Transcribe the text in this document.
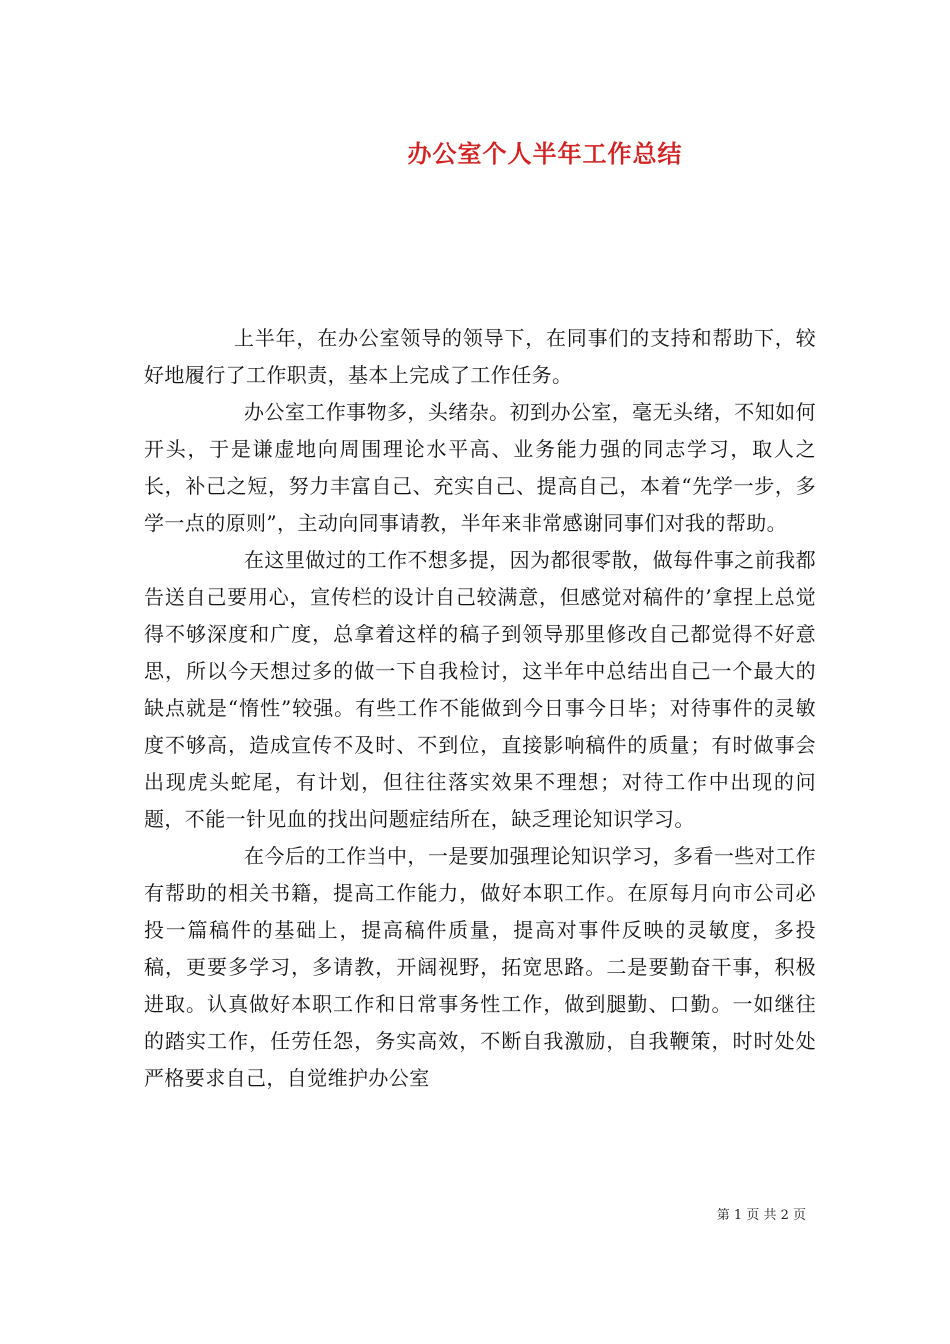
办公室个人半年工作总结

上半年，在办公室领导的领导下，在同事们的支持和帮助下，较好地履行了工作职责，基本上完成了工作任务。

办公室工作事物多，头绪杂。初到办公室，毫无头绪，不知如何开头，于是谦虚地向周围理论水平高、业务能力强的同志学习，取人之长，补己之短，努力丰富自己、充实自己、提高自己，本着“先学一步，多学一点的原则”，主动向同事请教，半年来非常感谢同事们对我的帮助。

在这里做过的工作不想多提，因为都很零散，做每件事之前我都告送自己要用心，宣传栏的设计自己较满意，但感觉对稿件的’拿捏上总觉得不够深度和广度，总拿着这样的稿子到领导那里修改自己都觉得不好意思，所以今天想过多的做一下自我检讨，这半年中总结出自己一个最大的缺点就是“惰性”较强。有些工作不能做到今日事今日毕；对待事件的灵敏度不够高，造成宣传不及时、不到位，直接影响稿件的质量；有时做事会出现虎头蛇尾，有计划，但往往落实效果不理想；对待工作中出现的问题，不能一针见血的找出问题症结所在，缺乏理论知识学习。

在今后的工作当中，一是要加强理论知识学习，多看一些对工作有帮助的相关书籍，提高工作能力，做好本职工作。在原每月向市公司必投一篇稿件的基础上，提高稿件质量，提高对事件反映的灵敏度，多投稿，更要多学习，多请教，开阔视野，拓宽思路。二是要勤奋干事，积极进取。认真做好本职工作和日常事务性工作，做到腿勤、口勤。一如继往的踏实工作，任劳任怨，务实高效，不断自我激励，自我鞭策，时时处处严格要求自己，自觉维护办公室

第 1 页 共 2 页
